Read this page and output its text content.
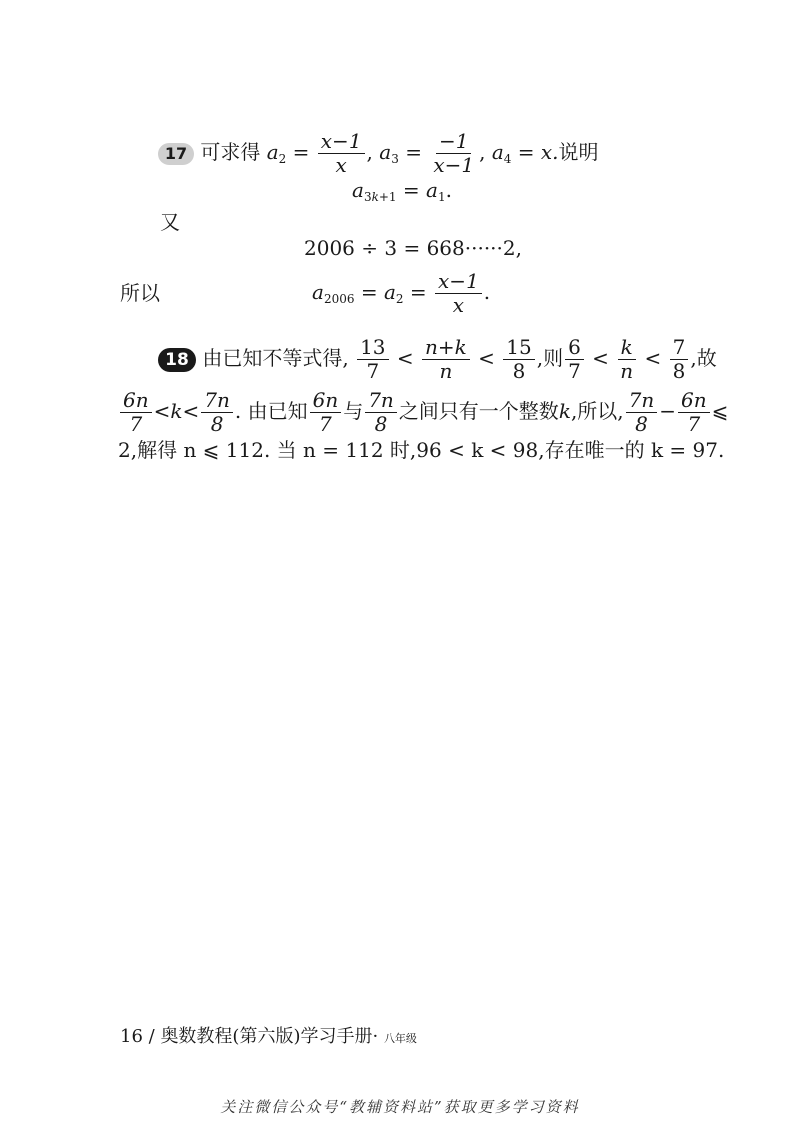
17 可求得 $a_2 = \frac{x-1}{x}$ , $a_3 = \frac{-1}{x-1}$ , $a_4 = x$.说明
$a_{3k+1} = a_1$.
又
2006 ÷ 3 = 668······2,
所以	$a_{2006} = a_2 = \frac{x-1}{x}$ .
18 由已知不等式得, $\frac{13}{7} < \frac{n+k}{n} < \frac{15}{8}$ ,则 $\frac{6}{7} < \frac{k}{n} < \frac{7}{8}$ ,故
$\frac{6n}{7} <k< \frac{7n}{8}$ . 由已知 $\frac{6n}{7}$ 与 $\frac{7n}{8}$ 之间只有一个整数k,所以, $\frac{7n}{8} - \frac{6n}{7}$ ⩽
2,解得 n ⩽ 112. 当 n = 112 时,96 < k < 98,存在唯一的 k = 97.
16 / 奥数教程(第六版)学习手册· 八年级
关注微信公众号“教辅资料站”获取更多学习资料
